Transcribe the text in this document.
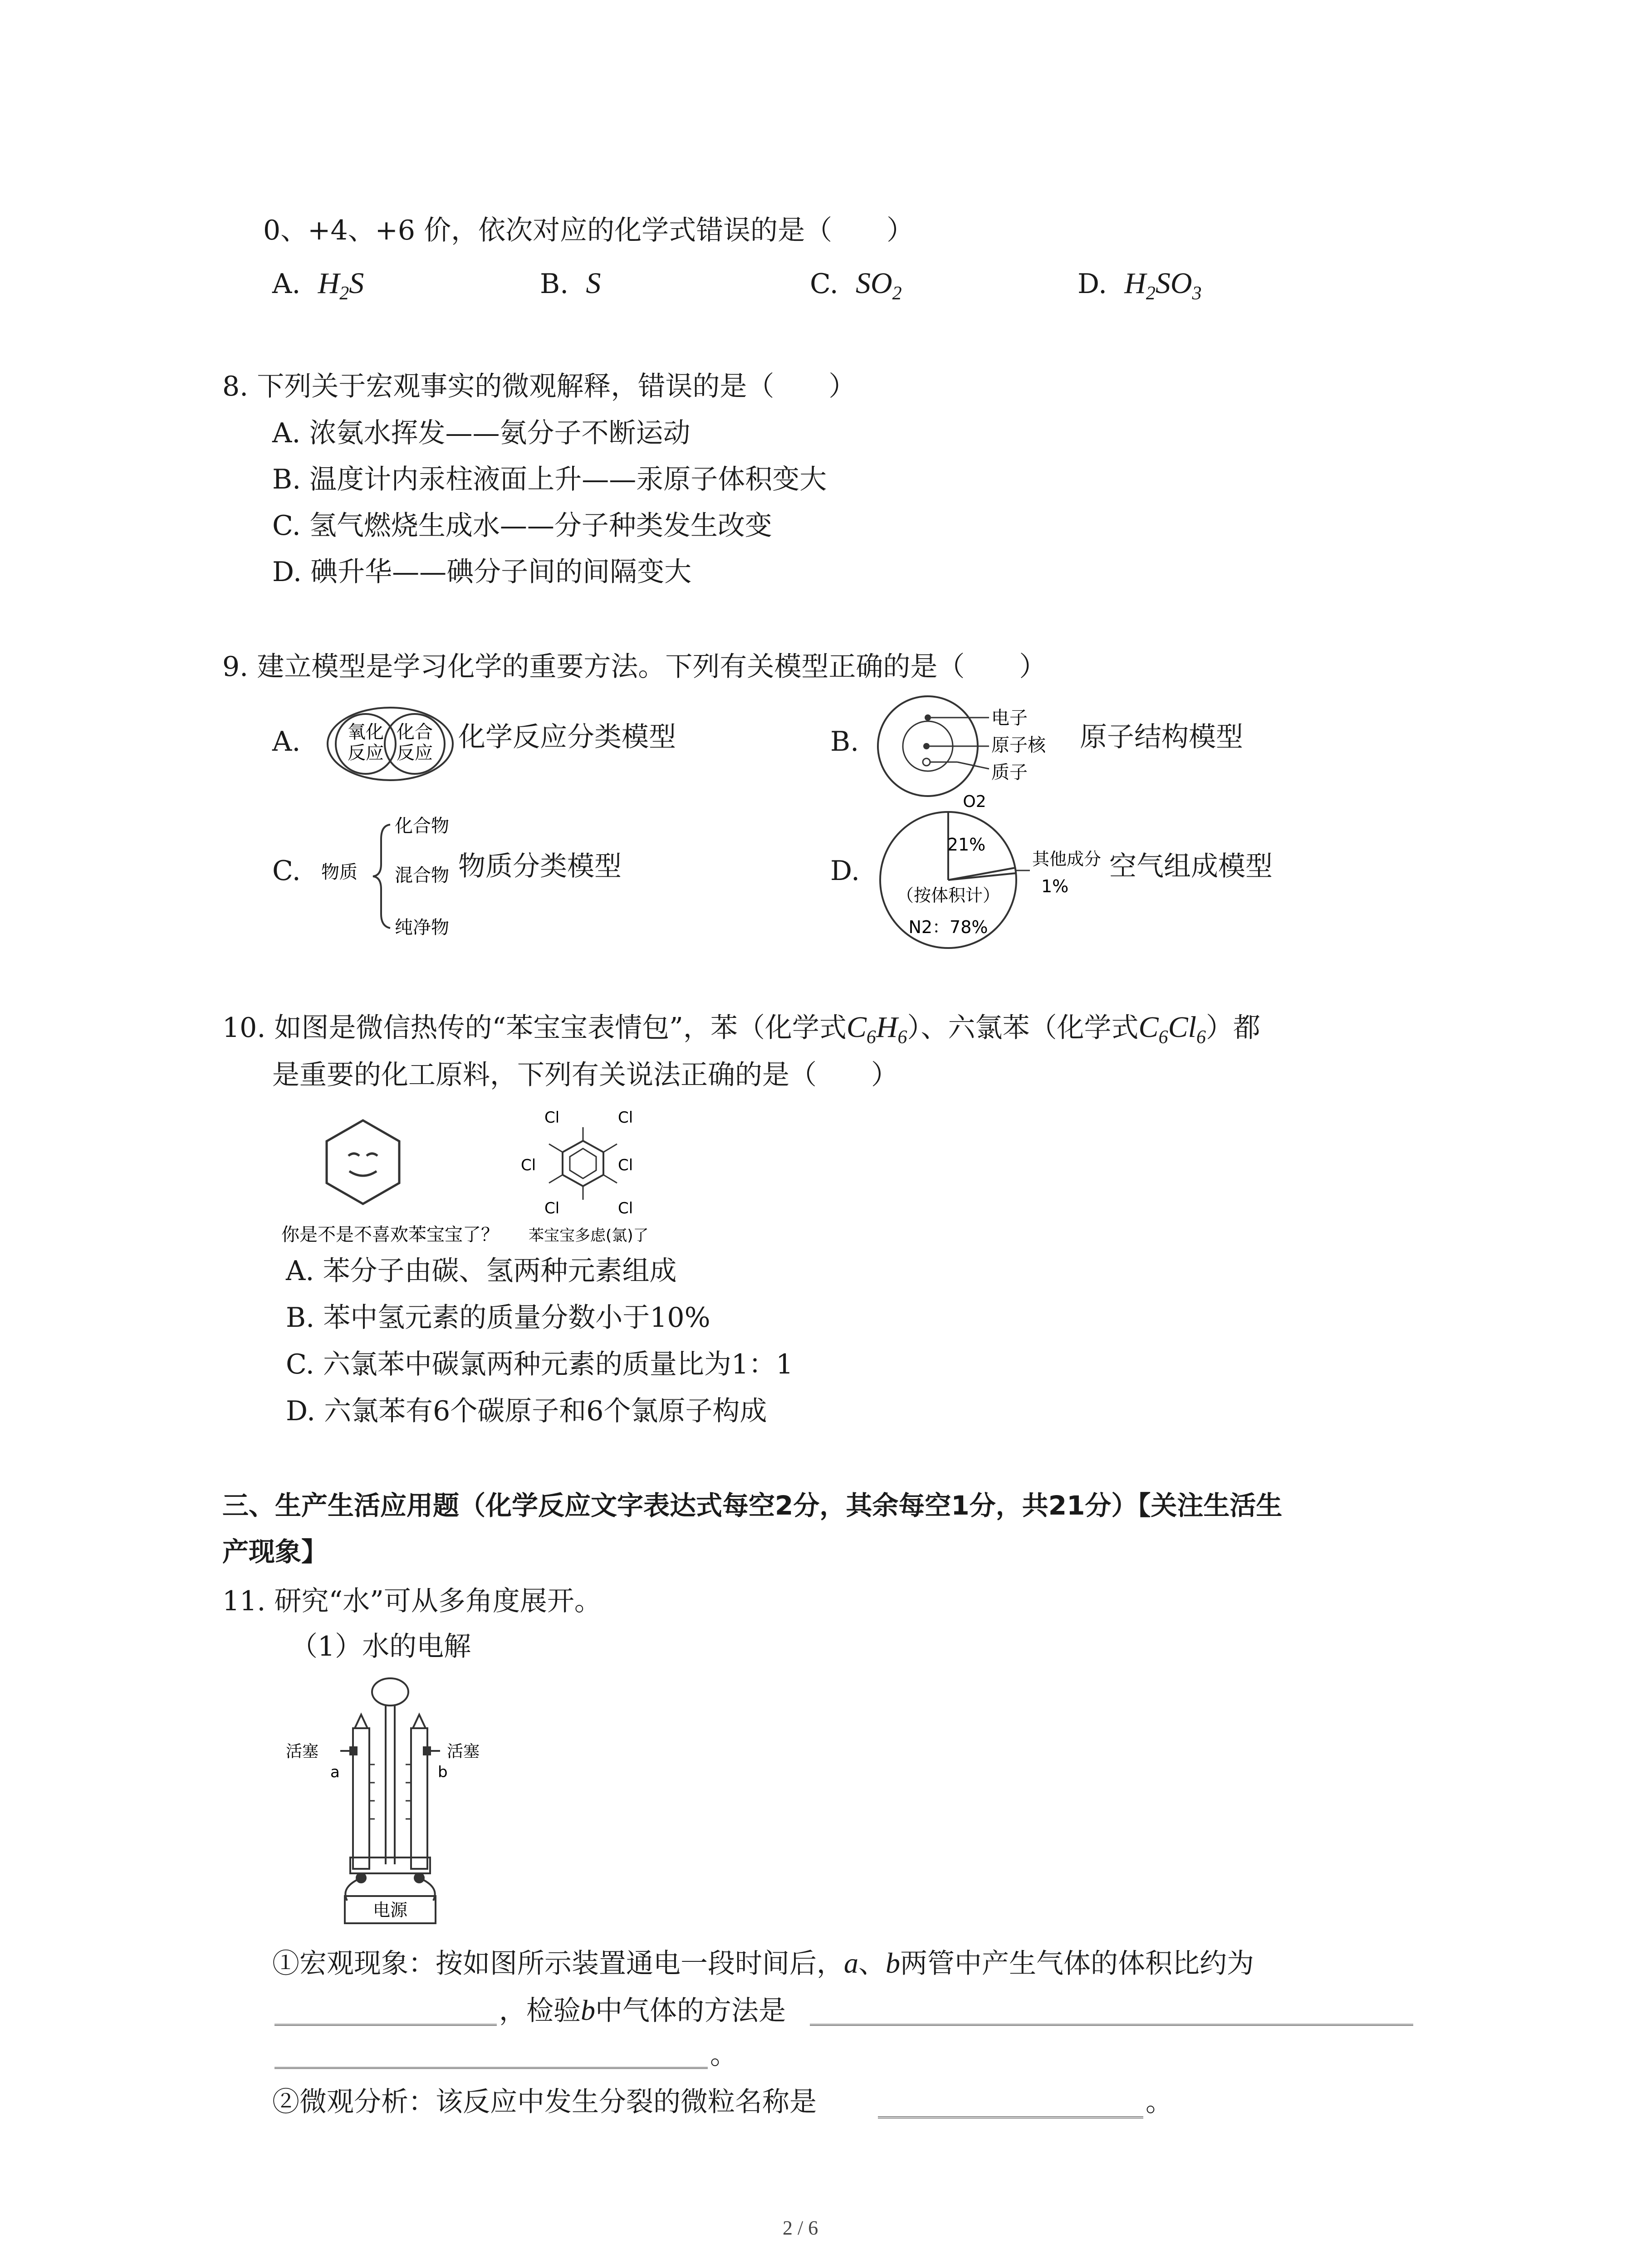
0、+4、+6 价，依次对应的化学式错误的是（　　）
A. $H_2S$	B. S	C. $SO_2$	D. $H_2SO_3$
8. 下列关于宏观事实的微观解释，错误的是（　　）
A. 浓氨水挥发——氨分子不断运动
B. 温度计内汞柱液面上升——汞原子体积变大
C. 氢气燃烧生成水——分子种类发生改变
D. 碘升华——碘分子间的间隔变大
9. 建立模型是学习化学的重要方法。下列有关模型正确的是（　　）
A.	氧化
反应
化合
反应 化学反应分类模型	B.
电子
原子核
质子
原子结构模型
C. 物质
化合物
混合物
纯净物
物质分类模型	D.
O2
21%
其他成分
1%
（按体积计）
N2：78%
空气组成模型
10. 如图是微信热传的“苯宝宝表情包”，苯（化学式$C_6H_6$）、六氯苯（化学式$C_6Cl_6$）都
是重要的化工原料，下列有关说法正确的是（　　）
Cl	Cl
Cl	Cl
Cl	Cl
你是不是不喜欢苯宝宝了？ 苯宝宝多虑(氯)了
A. 苯分子由碳、氢两种元素组成
B. 苯中氢元素的质量分数小于10%
C. 六氯苯中碳氯两种元素的质量比为1：1
D. 六氯苯有6个碳原子和6个氯原子构成
三、生产生活应用题（化学反应文字表达式每空2分，其余每空1分，共21分）【关注生活生
产现象】
11. 研究“水”可从多角度展开。
（1）水的电解
电源
活塞	活塞
a	b
①宏观现象：按如图所示装置通电一段时间后，a、b两管中产生气体的体积比约为
，检验b中气体的方法是
。
②微观分析：该反应中发生分裂的微粒名称是	。
2 / 6
